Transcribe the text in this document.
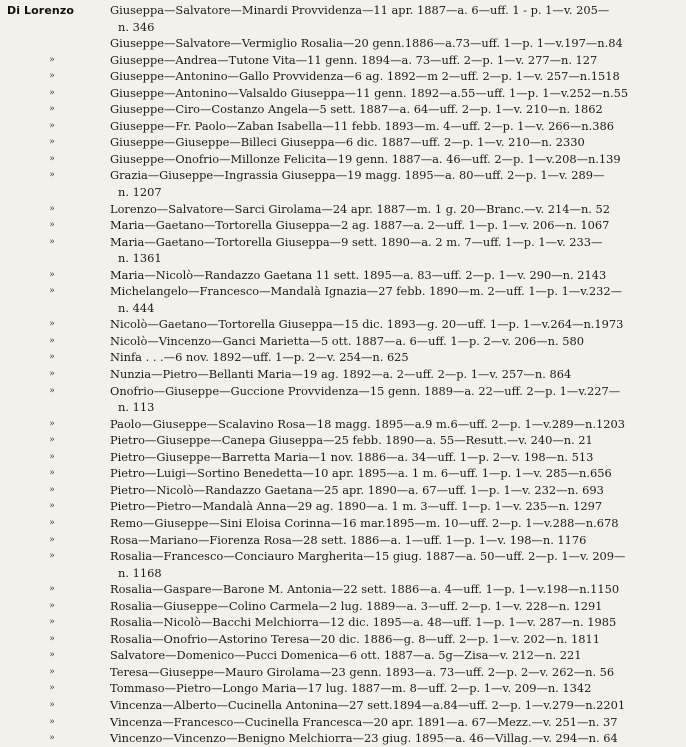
Di Lorenzo	Giuseppa—Salvatore—Minardi Provvidenza—11 apr. 1887—a. 6—uff. 1 - p. 1—v. 205—
n. 346
Giuseppe—Salvatore—Vermiglio Rosalia—20 genn.1886—a.73—uff. 1—p. 1—v.197—n.84
»	Giuseppe—Andrea—Tutone Vita—11 genn. 1894—a. 73—uff. 2—p. 1—v. 277—n. 127
»	Giuseppe—Antonino—Gallo Provvidenza—6 ag. 1892—m 2—uff. 2—p. 1—v. 257—n.1518
»	Giuseppe—Antonino—Valsaldo Giuseppa—11 genn. 1892—a.55—uff. 1—p. 1—v.252—n.55
»	Giuseppe—Ciro—Costanzo Angela—5 sett. 1887—a. 64—uff. 2—p. 1—v. 210—n. 1862
»	Giuseppe—Fr. Paolo—Zaban Isabella—11 febb. 1893—m. 4—uff. 2—p. 1—v. 266—n.386
»	Giuseppe—Giuseppe—Billeci Giuseppa—6 dic. 1887—uff. 2—p. 1—v. 210—n. 2330
»	Giuseppe—Onofrio—Millonze Felicita—19 genn. 1887—a. 46—uff. 2—p. 1—v.208—n.139
»	Grazia—Giuseppe—Ingrassia Giuseppa—19 magg. 1895—a. 80—uff. 2—p. 1—v. 289—
n. 1207
»	Lorenzo—Salvatore—Sarci Girolama—24 apr. 1887—m. 1 g. 20—Branc.—v. 214—n. 52
»	Maria—Gaetano—Tortorella Giuseppa—2 ag. 1887—a. 2—uff. 1—p. 1—v. 206—n. 1067
»	Maria—Gaetano—Tortorella Giuseppa—9 sett. 1890—a. 2 m. 7—uff. 1—p. 1—v. 233—
n. 1361
»	Maria—Nicolò—Randazzo Gaetana 11 sett. 1895—a. 83—uff. 2—p. 1—v. 290—n. 2143
»	Michelangelo—Francesco—Mandalà Ignazia—27 febb. 1890—m. 2—uff. 1—p. 1—v.232—
n. 444
»	Nicolò—Gaetano—Tortorella Giuseppa—15 dic. 1893—g. 20—uff. 1—p. 1—v.264—n.1973
»	Nicolò—Vincenzo—Ganci Marietta—5 ott. 1887—a. 6—uff. 1—p. 2—v. 206—n. 580
»	Ninfa . . .—6 nov. 1892—uff. 1—p. 2—v. 254—n. 625
»	Nunzia—Pietro—Bellanti Maria—19 ag. 1892—a. 2—uff. 2—p. 1—v. 257—n. 864
»	Onofrio—Giuseppe—Guccione Provvidenza—15 genn. 1889—a. 22—uff. 2—p. 1—v.227—
n. 113
»	Paolo—Giuseppe—Scalavino Rosa—18 magg. 1895—a.9 m.6—uff. 2—p. 1—v.289—n.1203
»	Pietro—Giuseppe—Canepa Giuseppa—25 febb. 1890—a. 55—Resutt.—v. 240—n. 21
»	Pietro—Giuseppe—Barretta Maria—1 nov. 1886—a. 34—uff. 1—p. 2—v. 198—n. 513
»	Pietro—Luigi—Sortino Benedetta—10 apr. 1895—a. 1 m. 6—uff. 1—p. 1—v. 285—n.656
»	Pietro—Nicolò—Randazzo Gaetana—25 apr. 1890—a. 67—uff. 1—p. 1—v. 232—n. 693
»	Pietro—Pietro—Mandalà Anna—29 ag. 1890—a. 1 m. 3—uff. 1—p. 1—v. 235—n. 1297
»	Remo—Giuseppe—Sini Eloisa Corinna—16 mar.1895—m. 10—uff. 2—p. 1—v.288—n.678
»	Rosa—Mariano—Fiorenza Rosa—28 sett. 1886—a. 1—uff. 1—p. 1—v. 198—n. 1176
»	Rosalia—Francesco—Conciauro Margherita—15 giug. 1887—a. 50—uff. 2—p. 1—v. 209—
n. 1168
»	Rosalia—Gaspare—Barone M. Antonia—22 sett. 1886—a. 4—uff. 1—p. 1—v.198—n.1150
»	Rosalia—Giuseppe—Colino Carmela—2 lug. 1889—a. 3—uff. 2—p. 1—v. 228—n. 1291
»	Rosalia—Nicolò—Bacchi Melchiorra—12 dic. 1895—a. 48—uff. 1—p. 1—v. 287—n. 1985
»	Rosalia—Onofrio—Astorino Teresa—20 dic. 1886—g. 8—uff. 2—p. 1—v. 202—n. 1811
»	Salvatore—Domenico—Pucci Domenica—6 ott. 1887—a. 5g—Zisa—v. 212—n. 221
»	Teresa—Giuseppe—Mauro Girolama—23 genn. 1893—a. 73—uff. 2—p. 2—v. 262—n. 56
»	Tommaso—Pietro—Longo Maria—17 lug. 1887—m. 8—uff. 2—p. 1—v. 209—n. 1342
»	Vincenza—Alberto—Cucinella Antonina—27 sett.1894—a.84—uff. 2—p. 1—v.279—n.2201
»	Vincenza—Francesco—Cucinella Francesca—20 apr. 1891—a. 67—Mezz.—v. 251—n. 37
»	Vincenzo—Vincenzo—Benigno Melchiorra—23 giug. 1895—a. 46—Villag.—v. 294—n. 64
